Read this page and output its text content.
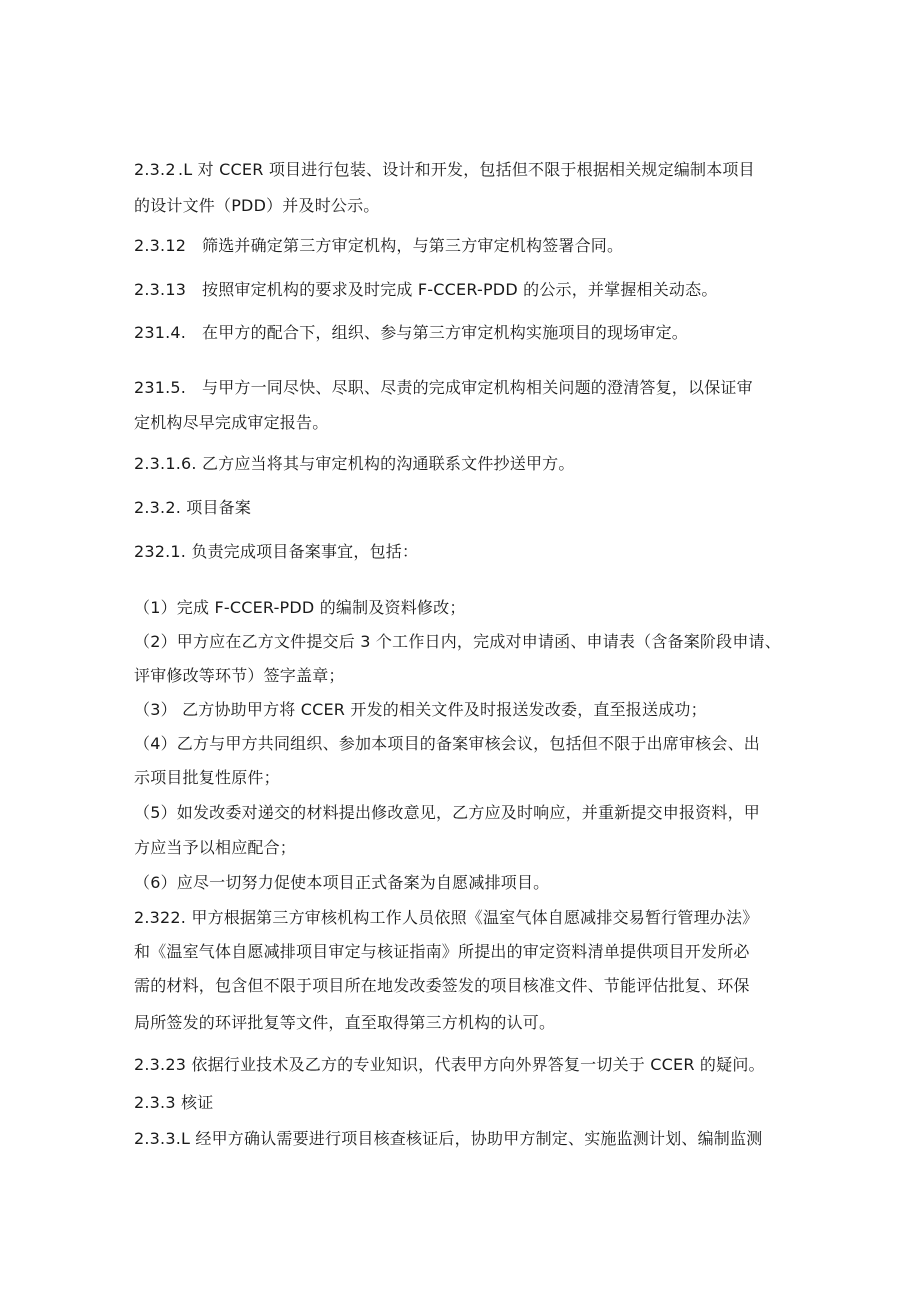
2.3.2 .L 对 CCER 项目进行包装、设计和开发，包括但不限于根据相关规定编制本项目
的设计文件（PDD）并及时公示。
2.3.12 筛选并确定第三方审定机构，与第三方审定机构签署合同。
2.3.13 按照审定机构的要求及时完成 F-CCER-PDD 的公示，并掌握相关动态。
231.4. 在甲方的配合下，组织、参与第三方审定机构实施项目的现场审定。
231.5. 与甲方一同尽快、尽职、尽责的完成审定机构相关问题的澄清答复，以保证审
定机构尽早完成审定报告。
2.3.1.6. 乙方应当将其与审定机构的沟通联系文件抄送甲方。
2.3.2. 项目备案
232.1. 负责完成项目备案事宜，包括：
（1）完成 F-CCER-PDD 的编制及资料修改；
（2）甲方应在乙方文件提交后 3 个工作日内，完成对申请函、申请表（含备案阶段申请、
评审修改等环节）签字盖章；
（3） 乙方协助甲方将 CCER 开发的相关文件及时报送发改委，直至报送成功；
（4）乙方与甲方共同组织、参加本项目的备案审核会议，包括但不限于出席审核会、出
示项目批复性原件；
（5）如发改委对递交的材料提出修改意见，乙方应及时响应，并重新提交申报资料，甲
方应当予以相应配合；
（6）应尽一切努力促使本项目正式备案为自愿减排项目。
2.322. 甲方根据第三方审核机构工作人员依照《温室气体自愿减排交易暂行管理办法》
和《温室气体自愿减排项目审定与核证指南》所提出的审定资料清单提供项目开发所必
需的材料，包含但不限于项目所在地发改委签发的项目核准文件、节能评估批复、环保
局所签发的环评批复等文件，直至取得第三方机构的认可。
2.3.23 依据行业技术及乙方的专业知识，代表甲方向外界答复一切关于 CCER 的疑问。
2.3.3 核证
2.3.3.L 经甲方确认需要进行项目核查核证后，协助甲方制定、实施监测计划、编制监测
